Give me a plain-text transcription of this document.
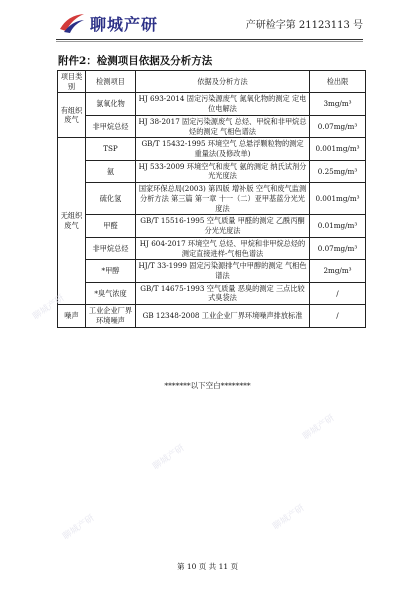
聊城产研	产研检字第 21123113 号
附件2：检测项目依据及分析方法
项目类别	检测项目	依据及分析方法	检出限
有组织废气	氯氧化物	HJ 693-2014 固定污染源废气 氮氧化物的测定 定电位电解法	3mg/m³
	非甲烷总烃	HJ 38-2017 固定污染源废气 总烃、甲烷和非甲烷总烃的测定 气相色谱法	0.07mg/m³
无组织废气	TSP	GB/T 15432-1995 环境空气 总悬浮颗粒物的测定 重量法(及修改单)	0.001mg/m³
	氨	HJ 533-2009 环境空气和废气 氨的测定 纳氏试剂分光光度法	0.25mg/m³
	硫化氢	国家环保总局(2003) 第四版 增补版 空气和废气监测分析方法 第三篇 第一章 十一（二）亚甲基蓝分光光度法	0.001mg/m³
	甲醛	GB/T 15516-1995 空气质量 甲醛的测定 乙酰丙酮分光光度法	0.01mg/m³
	非甲烷总烃	HJ 604-2017 环境空气 总烃、甲烷和非甲烷总烃的测定直接进样-气相色谱法	0.07mg/m³
	*甲醇	HJ/T 33-1999 固定污染源排气中甲醇的测定 气相色谱法	2mg/m³
	*臭气浓度	GB/T 14675-1993 空气质量 恶臭的测定 三点比较式臭袋法	/
噪声	工业企业厂界环境噪声	GB 12348-2008 工业企业厂界环境噪声排放标准	/
*******以下空白********
聊城产研
聊城产研
聊城产研
聊城产研	聊城产研
第 10 页 共 11 页
